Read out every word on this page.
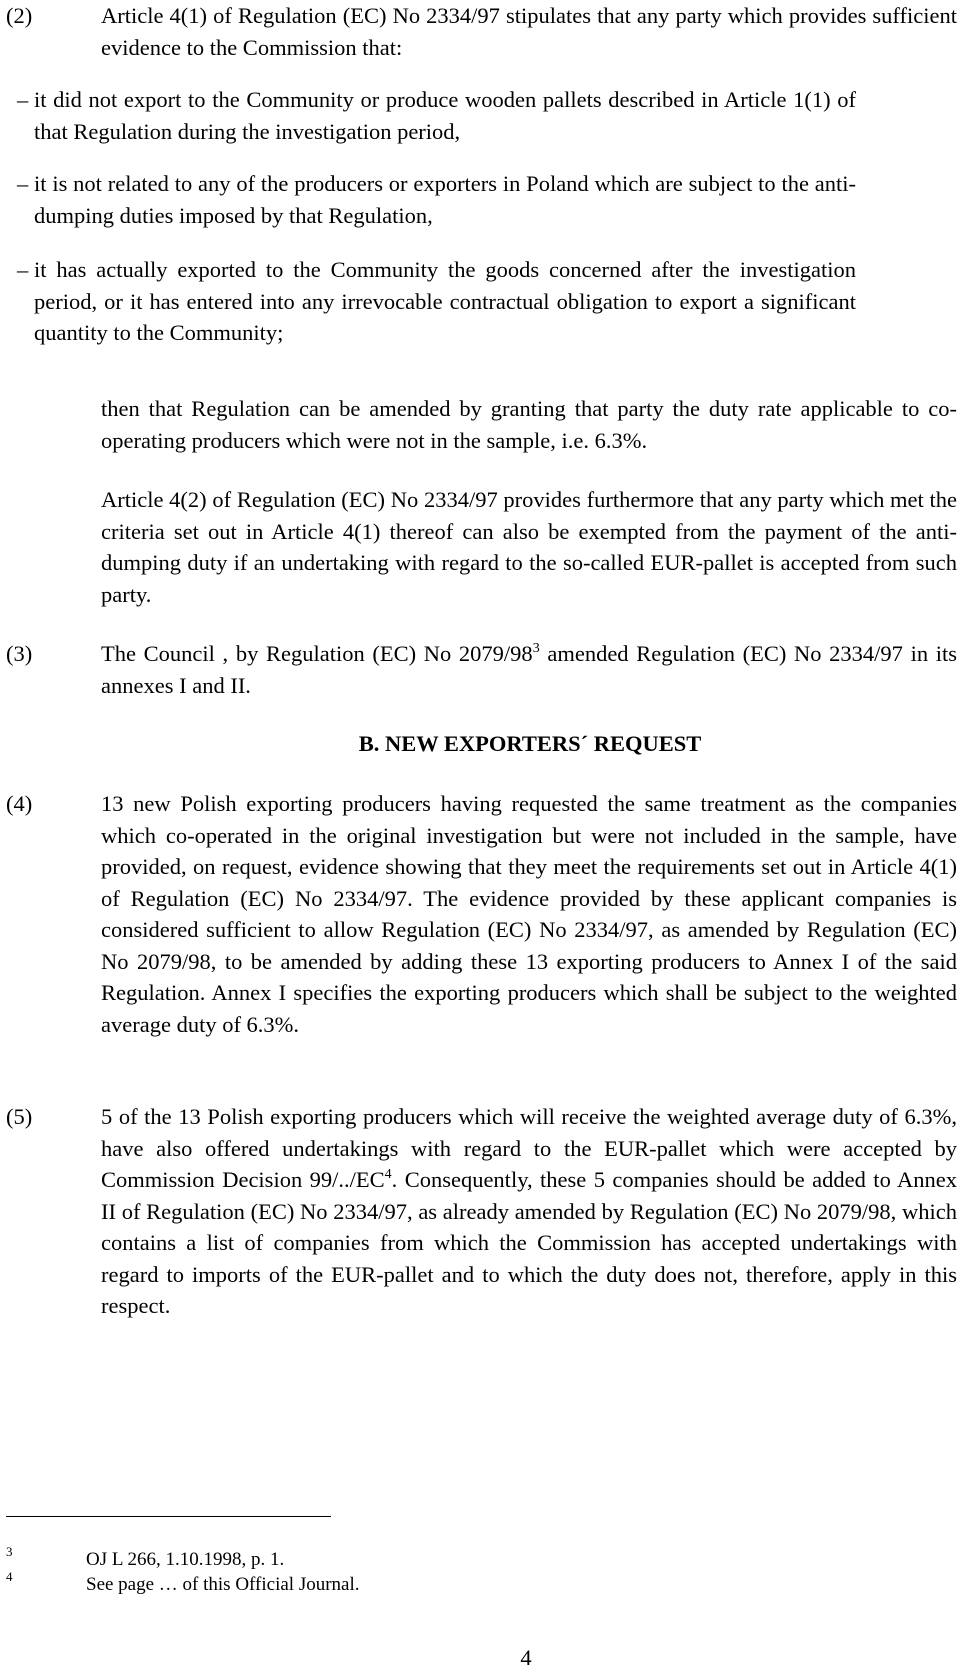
(2)	Article 4(1) of Regulation (EC) No 2334/97 stipulates that any party which provides sufficient evidence to the Commission that:

– it did not export to the Community or produce wooden pallets described in Article 1(1) of that Regulation during the investigation period,
– it is not related to any of the producers or exporters in Poland which are subject to the anti-dumping duties imposed by that Regulation,
– it has actually exported to the Community the goods concerned after the investigation period, or it has entered into any irrevocable contractual obligation to export a significant quantity to the Community;

then that Regulation can be amended by granting that party the duty rate applicable to co-operating producers which were not in the sample, i.e. 6.3%.

Article 4(2) of Regulation (EC) No 2334/97 provides furthermore that any party which met the criteria set out in Article 4(1) thereof can also be exempted from the payment of the anti-dumping duty if an undertaking with regard to the so-called EUR-pallet is accepted from such party.

(3)	The Council , by Regulation (EC) No $2079/98^3$ amended Regulation (EC) No 2334/97 in its annexes I and II.

B. NEW EXPORTERS´ REQUEST
(4)	13 new Polish exporting producers having requested the same treatment as the companies which co-operated in the original investigation but were not included in the sample, have provided, on request, evidence showing that they meet the requirements set out in Article 4(1) of Regulation (EC) No 2334/97. The evidence provided by these applicant companies is considered sufficient to allow Regulation (EC) No 2334/97, as amended by Regulation (EC) No 2079/98, to be amended by adding these 13 exporting producers to Annex I of the said Regulation. Annex I specifies the exporting producers which shall be subject to the weighted average duty of 6.3%.

(5)	5 of the 13 Polish exporting producers which will receive the weighted average duty of 6.3%, have also offered undertakings with regard to the EUR-pallet which were accepted by Commission Decision $99/../EC^4$. Consequently, these 5 companies should be added to Annex II of Regulation (EC) No 2334/97, as already amended by Regulation (EC) No 2079/98, which contains a list of companies from which the Commission has accepted undertakings with regard to imports of the EUR-pallet and to which the duty does not, therefore, apply in this respect.

3	OJ L 266, 1.10.1998, p. 1.
4	See page … of this Official Journal.
4
